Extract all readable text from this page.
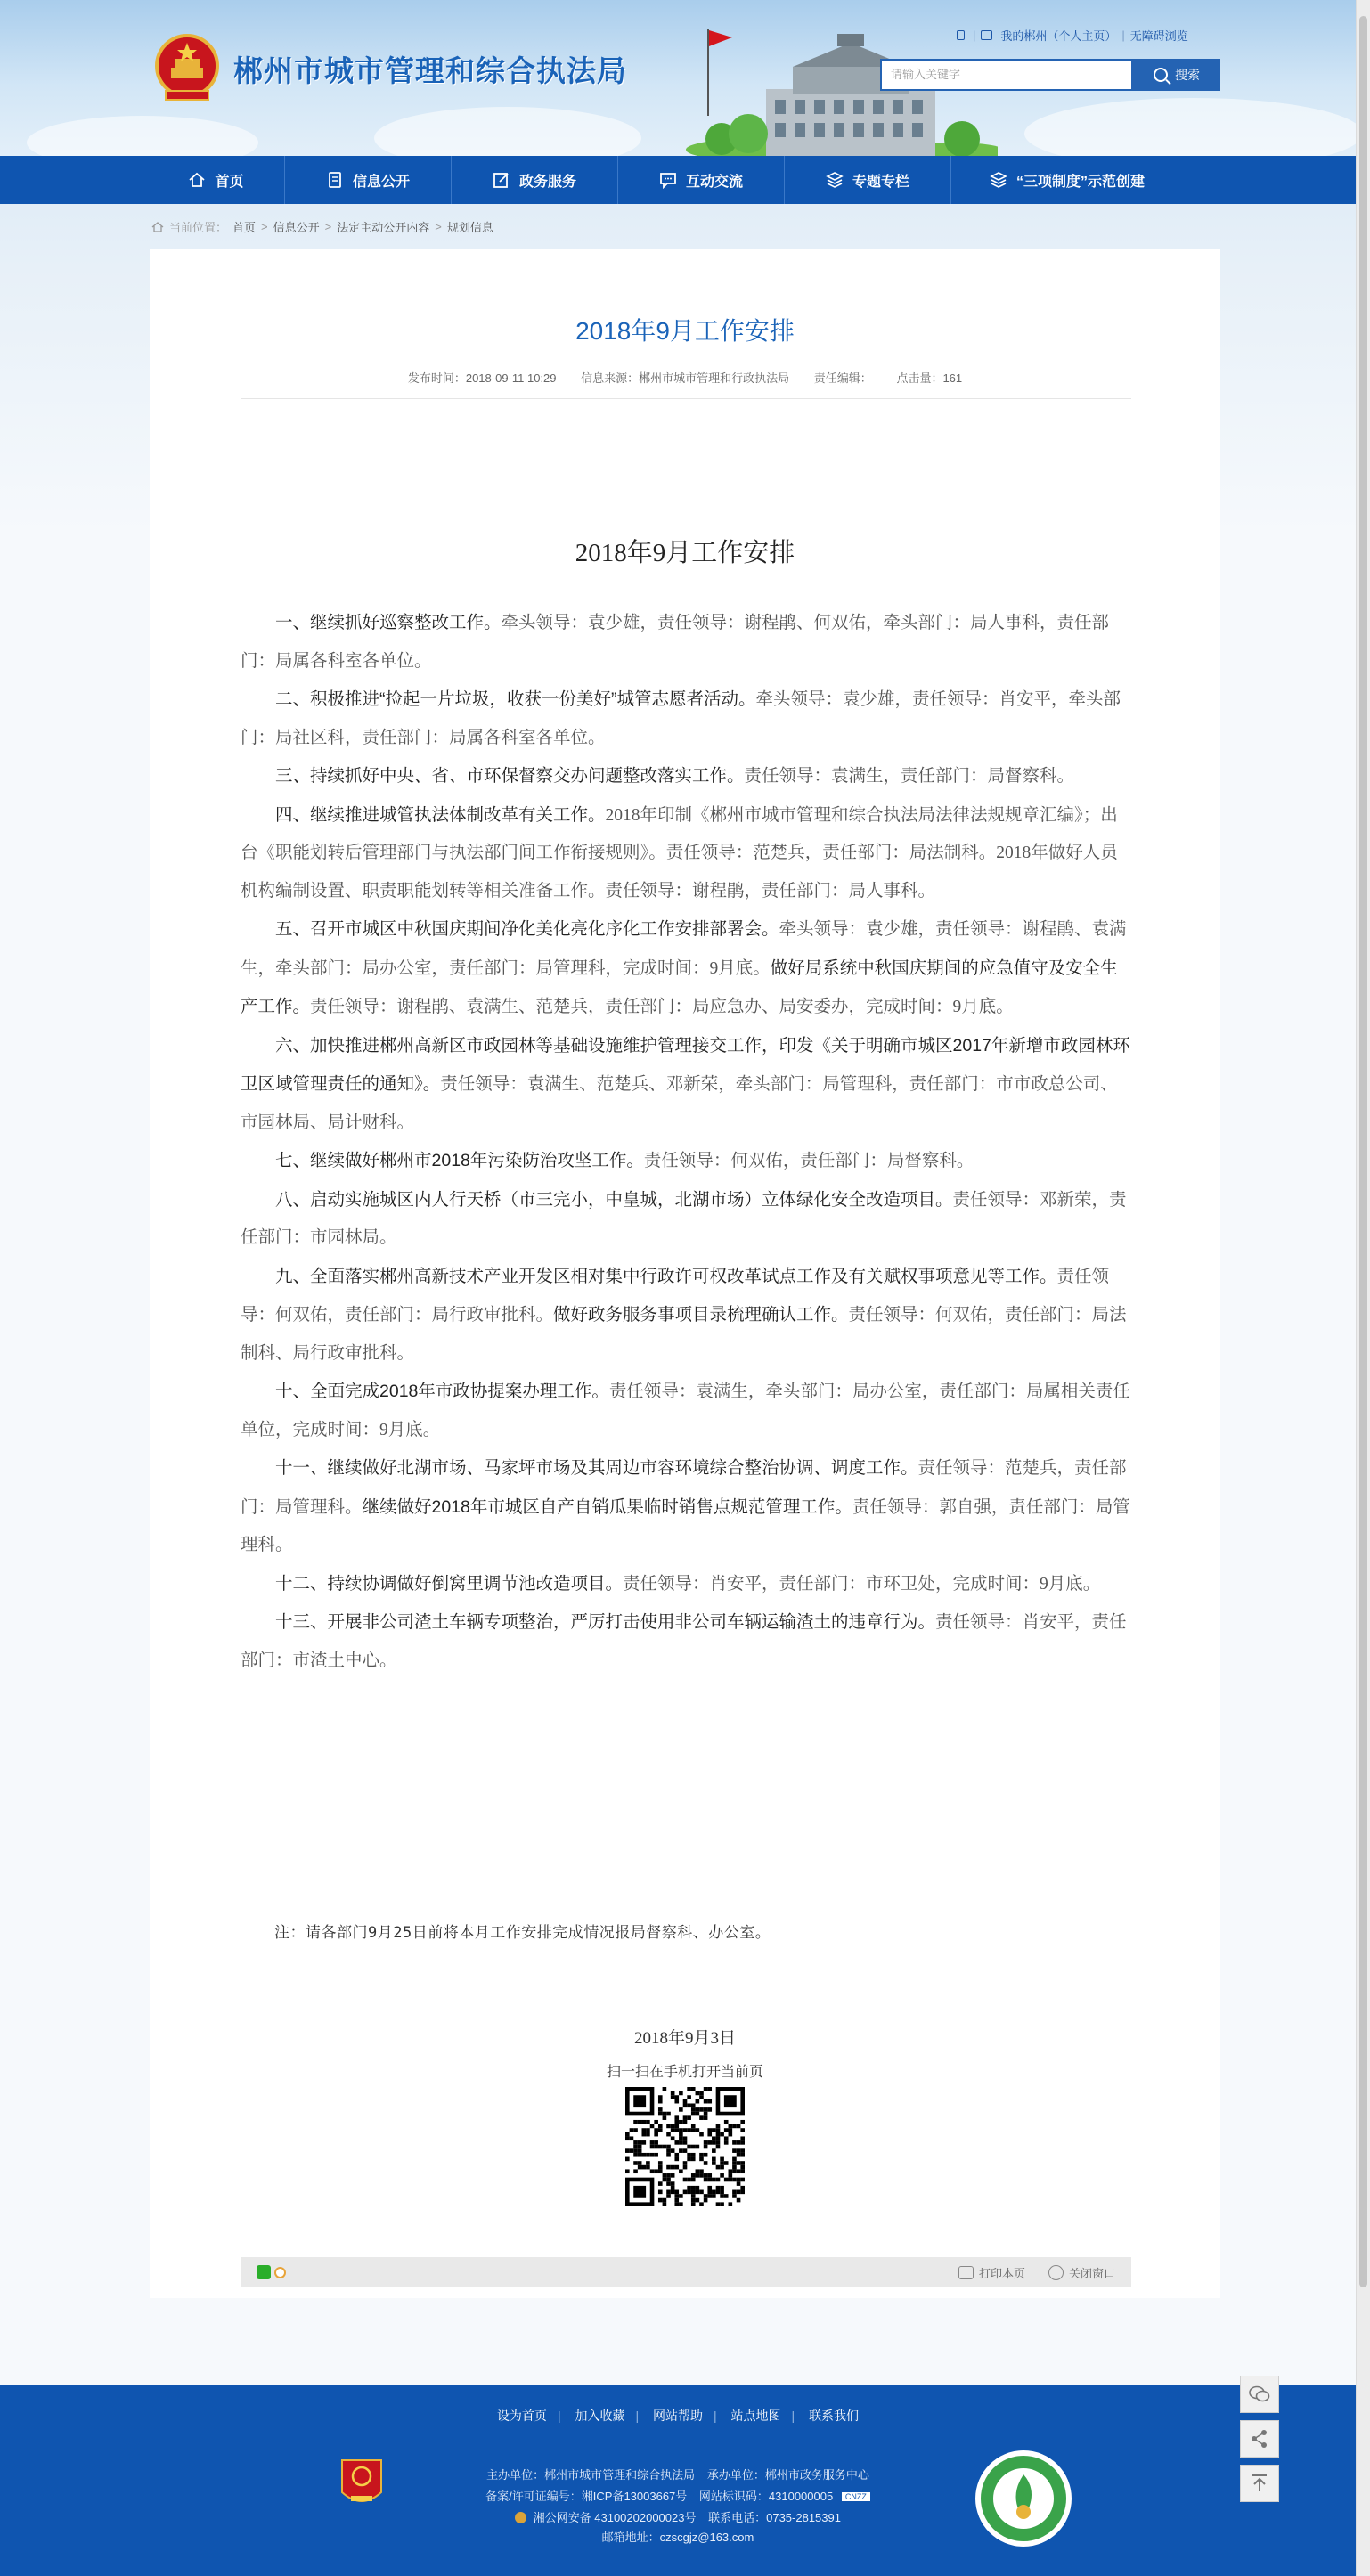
郴州市城市管理和综合执法局
| 我的郴州（个人主页） | 无障碍浏览
请输入关键字	搜索
首页	信息公开	政务服务	互动交流	专题专栏	“三项制度”示范创建
当前位置： 首页 > 信息公开 > 法定主动公开内容 > 规划信息
2018年9月工作安排
发布时间：2018-09-11 10:29 信息来源：郴州市城市管理和行政执法局 责任编辑： 点击量：161
2018年9月工作安排

一、继续抓好巡察整改工作。牵头领导：袁少雄，责任领导：谢程鹃、何双佑，牵头部门：局人事科，责任部门：局属各科室各单位。

二、积极推进“捡起一片垃圾，收获一份美好”城管志愿者活动。牵头领导：袁少雄，责任领导：肖安平，牵头部门：局社区科，责任部门：局属各科室各单位。

三、持续抓好中央、省、市环保督察交办问题整改落实工作。责任领导：袁满生，责任部门：局督察科。

四、继续推进城管执法体制改革有关工作。2018年印制《郴州市城市管理和综合执法局法律法规规章汇编》；出台《职能划转后管理部门与执法部门间工作衔接规则》。责任领导：范楚兵，责任部门：局法制科。2018年做好人员机构编制设置、职责职能划转等相关准备工作。责任领导：谢程鹃，责任部门：局人事科。

五、召开市城区中秋国庆期间净化美化亮化序化工作安排部署会。牵头领导：袁少雄，责任领导：谢程鹃、袁满生，牵头部门：局办公室，责任部门：局管理科，完成时间：9月底。做好局系统中秋国庆期间的应急值守及安全生产工作。责任领导：谢程鹃、袁满生、范楚兵，责任部门：局应急办、局安委办，完成时间：9月底。

六、加快推进郴州高新区市政园林等基础设施维护管理接交工作，印发《关于明确市城区2017年新增市政园林环卫区域管理责任的通知》。责任领导：袁满生、范楚兵、邓新荣，牵头部门：局管理科，责任部门：市市政总公司、市园林局、局计财科。

七、继续做好郴州市2018年污染防治攻坚工作。责任领导：何双佑，责任部门：局督察科。

八、启动实施城区内人行天桥（市三完小，中皇城，北湖市场）立体绿化安全改造项目。责任领导：邓新荣，责任部门：市园林局。

九、全面落实郴州高新技术产业开发区相对集中行政许可权改革试点工作及有关赋权事项意见等工作。责任领导：何双佑，责任部门：局行政审批科。做好政务服务事项目录梳理确认工作。责任领导：何双佑，责任部门：局法制科、局行政审批科。

十、全面完成2018年市政协提案办理工作。责任领导：袁满生，牵头部门：局办公室，责任部门：局属相关责任单位，完成时间：9月底。

十一、继续做好北湖市场、马家坪市场及其周边市容环境综合整治协调、调度工作。责任领导：范楚兵，责任部门：局管理科。继续做好2018年市城区自产自销瓜果临时销售点规范管理工作。责任领导：郭自强，责任部门：局管理科。

十二、持续协调做好倒窝里调节池改造项目。责任领导：肖安平，责任部门：市环卫处，完成时间：9月底。

十三、开展非公司渣土车辆专项整治，严厉打击使用非公司车辆运输渣土的违章行为。责任领导：肖安平，责任部门：市渣土中心。

注：请各部门9月25日前将本月工作安排完成情况报局督察科、办公室。
2018年9月3日
扫一扫在手机打开当前页
打印本页	关闭窗口
设为首页 | 加入收藏 | 网站帮助 | 站点地图 | 联系我们
主办单位：郴州市城市管理和综合执法局 承办单位：郴州市政务服务中心
备案/许可证编号：湘ICP备13003667号 网站标识码：4310000005 CNZZ
湘公网安备 43100202000023号 联系电话：0735-2815391
邮箱地址：czscgjz@163.com
